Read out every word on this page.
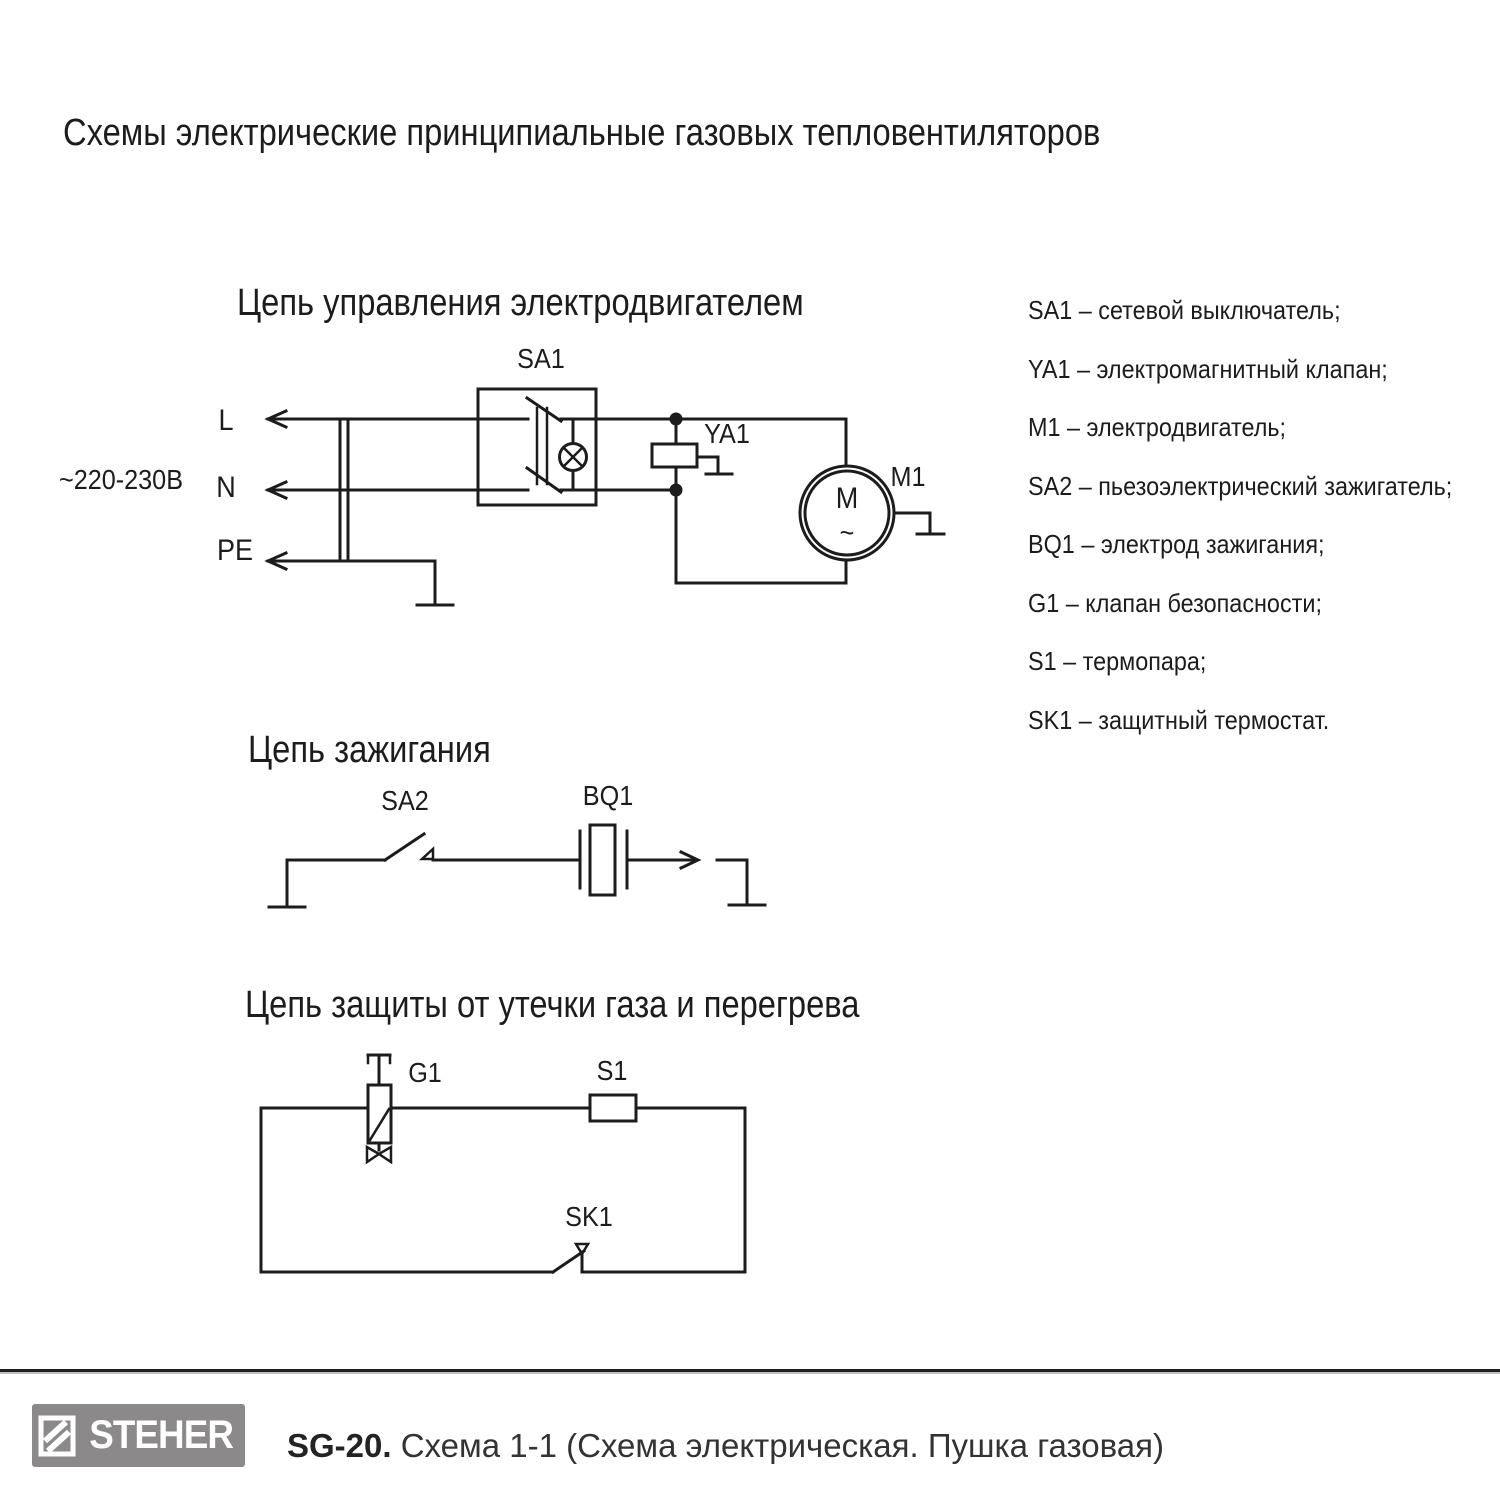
Схемы электрические принципиальные газовых тепловентиляторов
Цепь управления электродвигателем
Цепь зажигания
Цепь защиты от утечки газа и перегрева
~220-230В
L
N
PE
SA1
YA1
M1
M
~
SA2	BQ1
G1	S1
SK1
SA1 – сетевой выключатель;
YA1 – электромагнитный клапан;
M1 – электродвигатель;
SA2 – пьезоэлектрический зажигатель;
BQ1 – электрод зажигания;
G1 – клапан безопасности;
S1 – термопара;
SK1 – защитный термостат.
STEHER SG-20. Схема 1-1 (Схема электрическая. Пушка газовая)
